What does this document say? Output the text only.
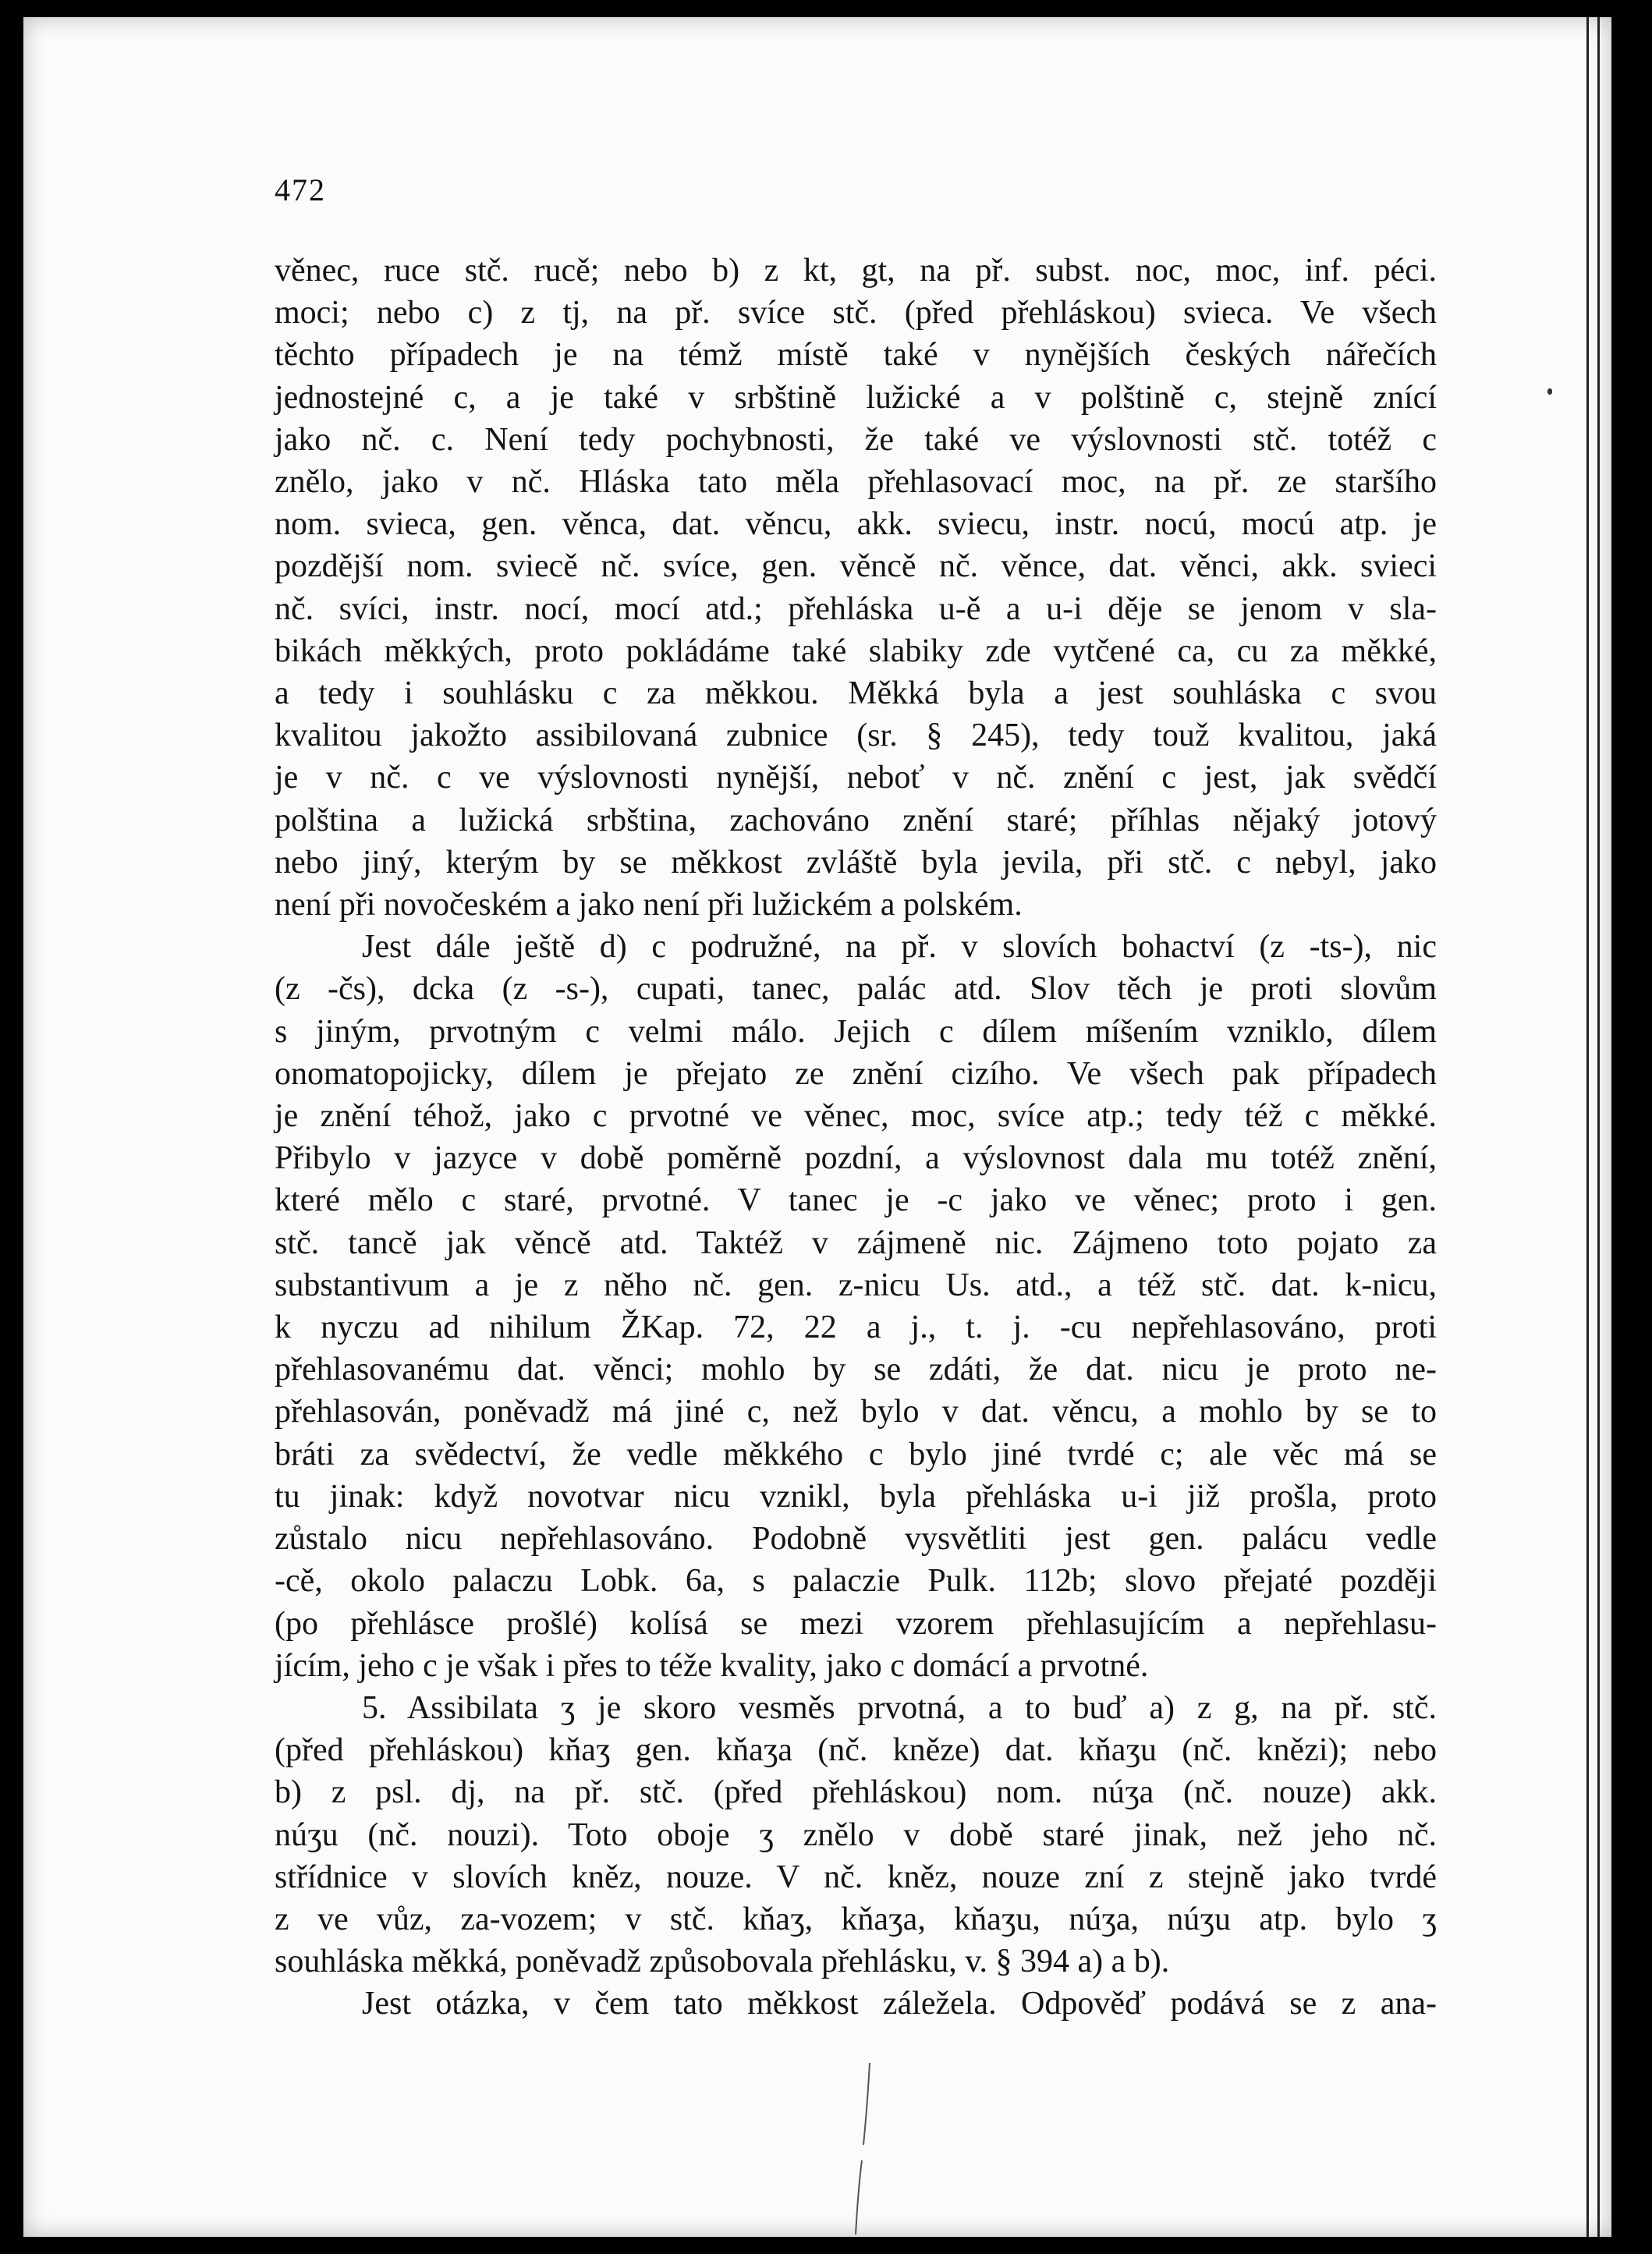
472
věnec, ruce stč. rucě; nebo b) z kt, gt, na př. subst. noc, moc, inf. péci.
moci; nebo c) z tj, na př. svíce stč. (před přehláskou) svieca. Ve všech
těchto případech je na témž místě také v nynějších českých nářečích
jednostejné c, a je také v srbštině lužické a v polštině c, stejně znící
jako nč. c. Není tedy pochybnosti, že také ve výslovnosti stč. totéž c
znělo, jako v nč. Hláska tato měla přehlasovací moc, na př. ze staršího
nom. svieca, gen. věnca, dat. věncu, akk. sviecu, instr. nocú, mocú atp. je
pozdější nom. sviecě nč. svíce, gen. věncě nč. věnce, dat. věnci, akk. svieci
nč. svíci, instr. nocí, mocí atd.; přehláska u-ě a u-i děje se jenom v sla-
bikách měkkých, proto pokládáme také slabiky zde vytčené ca, cu za měkké,
a tedy i souhlásku c za měkkou. Měkká byla a jest souhláska c svou
kvalitou jakožto assibilovaná zubnice (sr. § 245), tedy touž kvalitou, jaká
je v nč. c ve výslovnosti nynější, neboť v nč. znění c jest, jak svědčí
polština a lužická srbština, zachováno znění staré; příhlas nějaký jotový
nebo jiný, kterým by se měkkost zvláště byla jevila, při stč. c nebyl, jako
není při novočeském a jako není při lužickém a polském.
Jest dále ještě d) c podružné, na př. v slovích bohactví (z -ts-), nic
(z -čs), dcka (z -s-), cupati, tanec, palác atd. Slov těch je proti slovům
s jiným, prvotným c velmi málo. Jejich c dílem míšením vzniklo, dílem
onomatopojicky, dílem je přejato ze znění cizího. Ve všech pak případech
je znění téhož, jako c prvotné ve věnec, moc, svíce atp.; tedy též c měkké.
Přibylo v jazyce v době poměrně pozdní, a výslovnost dala mu totéž znění,
které mělo c staré, prvotné. V tanec je -c jako ve věnec; proto i gen.
stč. tancě jak věncě atd. Taktéž v zájmeně nic. Zájmeno toto pojato za
substantivum a je z něho nč. gen. z-nicu Us. atd., a též stč. dat. k-nicu,
k nyczu ad nihilum ŽKap. 72, 22 a j., t. j. -cu nepřehlasováno, proti
přehlasovanému dat. věnci; mohlo by se zdáti, že dat. nicu je proto ne-
přehlasován, poněvadž má jiné c, než bylo v dat. věncu, a mohlo by se to
bráti za svědectví, že vedle měkkého c bylo jiné tvrdé c; ale věc má se
tu jinak: když novotvar nicu vznikl, byla přehláska u-i již prošla, proto
zůstalo nicu nepřehlasováno. Podobně vysvětliti jest gen. palácu vedle
-cě, okolo palaczu Lobk. 6a, s palaczie Pulk. 112b; slovo přejaté později
(po přehlásce prošlé) kolísá se mezi vzorem přehlasujícím a nepřehlasu-
jícím, jeho c je však i přes to téže kvality, jako c domácí a prvotné.
5. Assibilata ʒ je skoro vesměs prvotná, a to buď a) z g, na př. stč.
(před přehláskou) kňaʒ gen. kňaʒa (nč. kněze) dat. kňaʒu (nč. knězi); nebo
b) z psl. dj, na př. stč. (před přehláskou) nom. núʒa (nč. nouze) akk.
núʒu (nč. nouzi). Toto oboje ʒ znělo v době staré jinak, než jeho nč.
střídnice v slovích kněz, nouze. V nč. kněz, nouze zní z stejně jako tvrdé
z ve vůz, za-vozem; v stč. kňaʒ, kňaʒa, kňaʒu, núʒa, núʒu atp. bylo ʒ
souhláska měkká, poněvadž způsobovala přehlásku, v. § 394 a) a b).
Jest otázka, v čem tato měkkost záležela. Odpověď podává se z ana-
